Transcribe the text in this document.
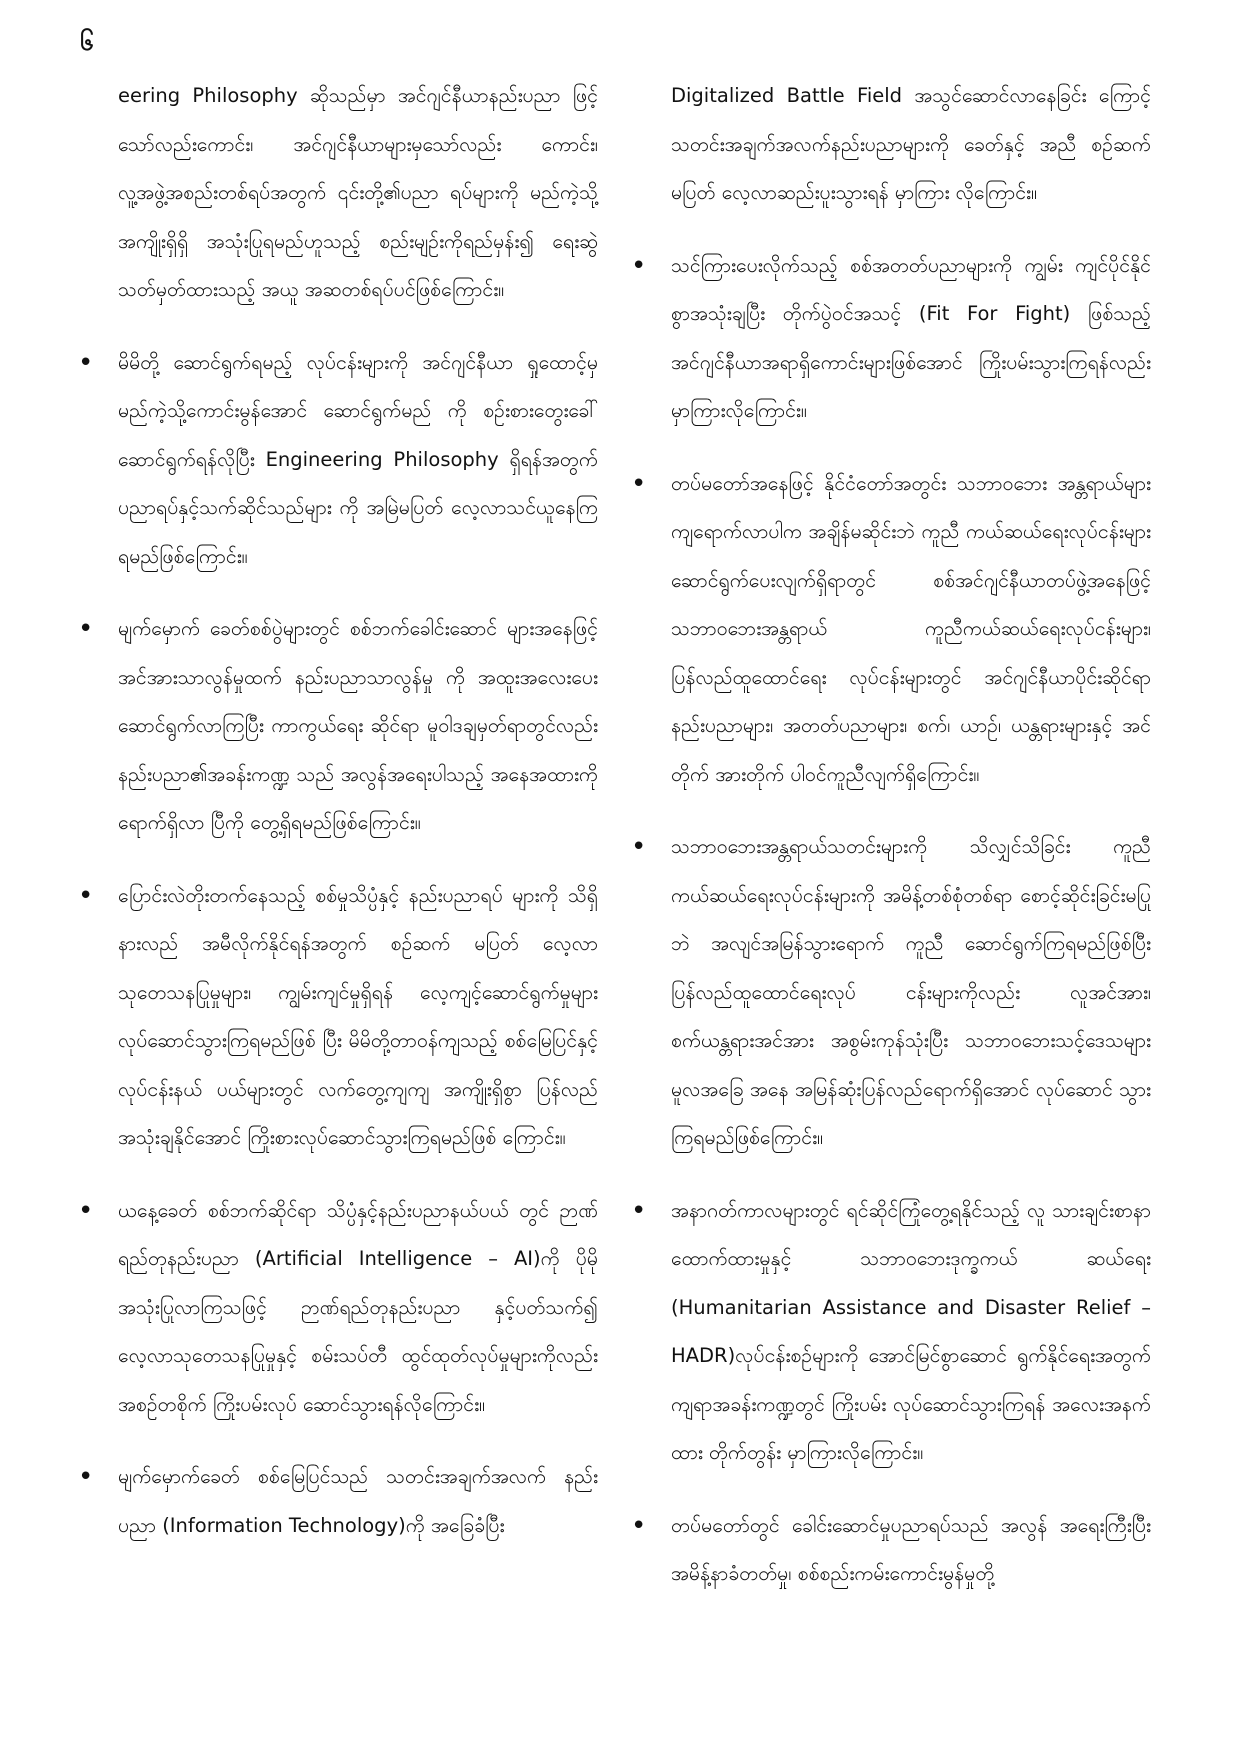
၆

eering Philosophy ဆိုသည်မှာ အင်ဂျင်နီယာနည်းပညာ ဖြင့်သော်လည်းကောင်း၊ အင်ဂျင်နီယာများမှသော်လည်း ကောင်း၊ လူ့အဖွဲ့အစည်းတစ်ရပ်အတွက် ၎င်းတို့၏ပညာ ရပ်များကို မည်ကဲ့သို့အကျိုးရှိရှိ အသုံးပြုရမည်ဟူသည့် စည်းမျဉ်းကိုရည်မှန်း၍ ရေးဆွဲသတ်မှတ်ထားသည့် အယူ အဆတစ်ရပ်ပင်ဖြစ်ကြောင်း။

• မိမိတို့ ဆောင်ရွက်ရမည့် လုပ်ငန်းများကို အင်ဂျင်နီယာ ရှုထောင့်မှ မည်ကဲ့သို့ကောင်းမွန်အောင် ဆောင်ရွက်မည် ကို စဉ်းစားတွေးခေါ်ဆောင်ရွက်ရန်လိုပြီး Engineering Philosophy ရှိရန်အတွက် ပညာရပ်နှင့်သက်ဆိုင်သည်များ ကို အမြဲမပြတ် လေ့လာသင်ယူနေကြရမည်ဖြစ်ကြောင်း။

• မျက်မှောက် ခေတ်စစ်ပွဲများတွင် စစ်ဘက်ခေါင်းဆောင် များအနေဖြင့် အင်အားသာလွန်မှုထက် နည်းပညာသာလွန်မှု ကို အထူးအလေးပေးဆောင်ရွက်လာကြပြီး ကာကွယ်ရေး ဆိုင်ရာ မူဝါဒချမှတ်ရာတွင်လည်း နည်းပညာ၏အခန်းကဏ္ဍ သည် အလွန်အရေးပါသည့် အနေအထားကို ရောက်ရှိလာ ပြီကို တွေ့ရှိရမည်ဖြစ်ကြောင်း။

• ပြောင်းလဲတိုးတက်နေသည့် စစ်မှုသိပ္ပံနှင့် နည်းပညာရပ် များကို သိရှိနားလည် အမီလိုက်နိုင်ရန်အတွက် စဉ်ဆက် မပြတ် လေ့လာသုတေသနပြုမှုများ၊ ကျွမ်းကျင်မှုရှိရန် လေ့ကျင့်ဆောင်ရွက်မှုများ လုပ်ဆောင်သွားကြရမည်ဖြစ် ပြီး မိမိတို့တာဝန်ကျသည့် စစ်မြေပြင်နှင့် လုပ်ငန်းနယ် ပယ်များတွင် လက်တွေ့ကျကျ အကျိုးရှိစွာ ပြန်လည် အသုံးချနိုင်အောင် ကြိုးစားလုပ်ဆောင်သွားကြရမည်ဖြစ် ကြောင်း။

• ယနေ့ခေတ် စစ်ဘက်ဆိုင်ရာ သိပ္ပံနှင့်နည်းပညာနယ်ပယ် တွင် ဉာဏ်ရည်တုနည်းပညာ (Artificial Intelligence – AI)ကို ပိုမိုအသုံးပြုလာကြသဖြင့် ဉာဏ်ရည်တုနည်းပညာ နှင့်ပတ်သက်၍ လေ့လာသုတေသနပြုမှုနှင့် စမ်းသပ်တီ ထွင်ထုတ်လုပ်မှုများကိုလည်း အစဉ်တစိုက် ကြိုးပမ်းလုပ် ဆောင်သွားရန်လိုကြောင်း။

• မျက်မှောက်ခေတ် စစ်မြေပြင်သည် သတင်းအချက်အလက် နည်းပညာ (Information Technology)ကို အခြေခံပြီး

Digitalized Battle Field အသွင်ဆောင်လာနေခြင်း ကြောင့် သတင်းအချက်အလက်နည်းပညာများကို ခေတ်နှင့် အညီ စဉ်ဆက်မပြတ် လေ့လာဆည်းပူးသွားရန် မှာကြား လိုကြောင်း။

• သင်ကြားပေးလိုက်သည့် စစ်အတတ်ပညာများကို ကျွမ်း ကျင်ပိုင်နိုင်စွာအသုံးချပြီး တိုက်ပွဲဝင်အသင့် (Fit For Fight) ဖြစ်သည့် အင်ဂျင်နီယာအရာရှိကောင်းများဖြစ်အောင် ကြိုးပမ်းသွားကြရန်လည်း မှာကြားလိုကြောင်း။

• တပ်မတော်အနေဖြင့် နိုင်ငံတော်အတွင်း သဘာဝဘေး အန္တရာယ်များ ကျရောက်လာပါက အချိန်မဆိုင်းဘဲ ကူညီ ကယ်ဆယ်ရေးလုပ်ငန်းများ ဆောင်ရွက်ပေးလျက်ရှိရာတွင် စစ်အင်ဂျင်နီယာတပ်ဖွဲ့အနေဖြင့် သဘာဝဘေးအန္တရာယ် ကူညီကယ်ဆယ်ရေးလုပ်ငန်းများ၊ ပြန်လည်ထူထောင်ရေး လုပ်ငန်းများတွင် အင်ဂျင်နီယာပိုင်းဆိုင်ရာနည်းပညာများ၊ အတတ်ပညာများ၊ စက်၊ ယာဉ်၊ ယန္တရားများနှင့် အင်တိုက် အားတိုက် ပါဝင်ကူညီလျက်ရှိကြောင်း။

• သဘာဝဘေးအန္တရာယ်သတင်းများကို သိလျှင်သိခြင်း ကူညီကယ်ဆယ်ရေးလုပ်ငန်းများကို အမိန့်တစ်စုံတစ်ရာ စောင့်ဆိုင်းခြင်းမပြုဘဲ အလျင်အမြန်သွားရောက် ကူညီ ဆောင်ရွက်ကြရမည်ဖြစ်ပြီး ပြန်လည်ထူထောင်ရေးလုပ် ငန်းများကိုလည်း လူအင်အား၊ စက်ယန္တရားအင်အား အစွမ်းကုန်သုံးပြီး သဘာဝဘေးသင့်ဒေသများ မူလအခြေ အနေ အမြန်ဆုံးပြန်လည်ရောက်ရှိအောင် လုပ်ဆောင် သွားကြရမည်ဖြစ်ကြောင်း။

• အနာဂတ်ကာလများတွင် ရင်ဆိုင်ကြုံတွေ့ရနိုင်သည့် လူ သားချင်းစာနာထောက်ထားမှုနှင့် သဘာဝဘေးဒုက္ခကယ် ဆယ်ရေး (Humanitarian Assistance and Disaster Relief – HADR)လုပ်ငန်းစဉ်များကို အောင်မြင်စွာဆောင် ရွက်နိုင်ရေးအတွက် ကျရာအခန်းကဏ္ဍတွင် ကြိုးပမ်း လုပ်ဆောင်သွားကြရန် အလေးအနက်ထား တိုက်တွန်း မှာကြားလိုကြောင်း။

• တပ်မတော်တွင် ခေါင်းဆောင်မှုပညာရပ်သည် အလွန် အရေးကြီးပြီး အမိန့်နာခံတတ်မှု၊ စစ်စည်းကမ်းကောင်းမွန်မှုတို့
